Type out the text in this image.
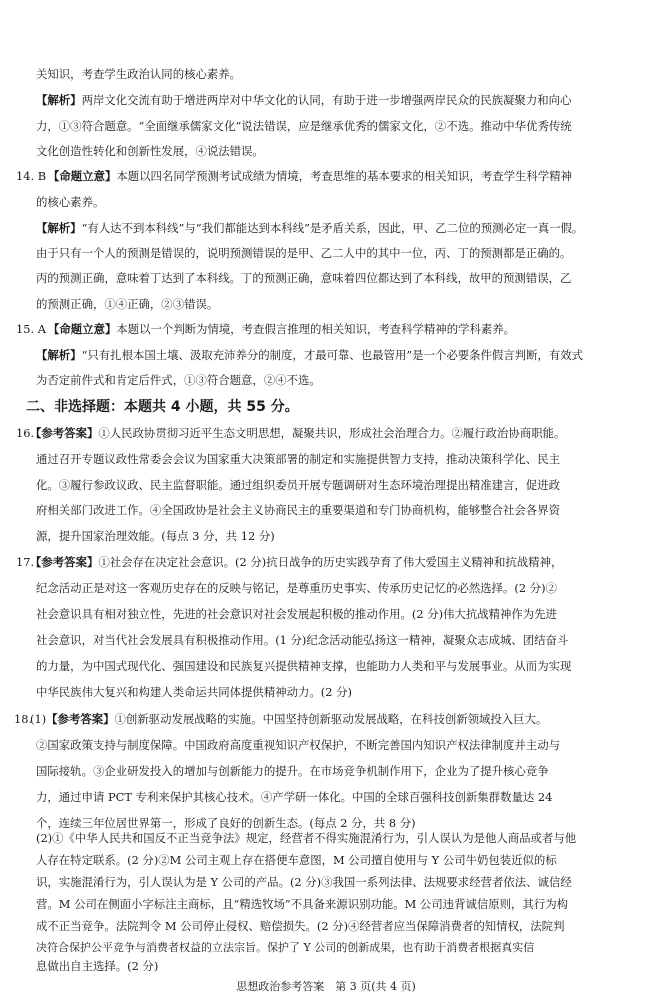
关知识，考查学生政治认同的核心素养。
【解析】两岸文化交流有助于增进两岸对中华文化的认同，有助于进一步增强两岸民众的民族凝聚力和向心
力，①③符合题意。“全面继承儒家文化”说法错误，应是继承优秀的儒家文化，②不选。推动中华优秀传统
文化创造性转化和创新性发展，④说法错误。
14. B 【命题立意】本题以四名同学预测考试成绩为情境，考查思维的基本要求的相关知识，考查学生科学精神
的核心素养。
【解析】“有人达不到本科线”与“我们都能达到本科线”是矛盾关系，因此，甲、乙二位的预测必定一真一假。
由于只有一个人的预测是错误的，说明预测错误的是甲、乙二人中的其中一位，丙、丁的预测都是正确的。
丙的预测正确，意味着丁达到了本科线。丁的预测正确，意味着四位都达到了本科线，故甲的预测错误，乙
的预测正确，①④正确，②③错误。
15. A 【命题立意】本题以一个判断为情境，考查假言推理的相关知识，考查科学精神的学科素养。
【解析】“只有扎根本国土壤、汲取充沛养分的制度，才最可靠、也最管用”是一个必要条件假言判断，有效式
为否定前件式和肯定后件式，①③符合题意，②④不选。
二、非选择题：本题共 4 小题，共 55 分。
16.
【参考答案】①人民政协贯彻习近平生态文明思想，凝聚共识，形成社会治理合力。②履行政治协商职能。
通过召开专题议政性常委会会议为国家重大决策部署的制定和实施提供智力支持，推动决策科学化、民主
化。③履行参政议政、民主监督职能。通过组织委员开展专题调研对生态环境治理提出精准建言，促进政
府相关部门改进工作。④全国政协是社会主义协商民主的重要渠道和专门协商机构，能够整合社会各界资
源，提升国家治理效能。(每点 3 分，共 12 分)
17.
【参考答案】①社会存在决定社会意识。(2 分)抗日战争的历史实践孕育了伟大爱国主义精神和抗战精神，
纪念活动正是对这一客观历史存在的反映与铭记，是尊重历史事实、传承历史记忆的必然选择。(2 分)②
社会意识具有相对独立性，先进的社会意识对社会发展起积极的推动作用。(2 分)伟大抗战精神作为先进
社会意识，对当代社会发展具有积极推动作用。(1 分)纪念活动能弘扬这一精神，凝聚众志成城、团结奋斗
的力量，为中国式现代化、强国建设和民族复兴提供精神支撑，也能助力人类和平与发展事业。从而为实现
中华民族伟大复兴和构建人类命运共同体提供精神动力。(2 分)
18.
(1)【参考答案】①创新驱动发展战略的实施。中国坚持创新驱动发展战略，在科技创新领域投入巨大。
②国家政策支持与制度保障。中国政府高度重视知识产权保护，不断完善国内知识产权法律制度并主动与
国际接轨。③企业研发投入的增加与创新能力的提升。在市场竞争机制作用下，企业为了提升核心竞争
力，通过申请 PCT 专利来保护其核心技术。④产学研一体化。中国的全球百强科技创新集群数量达 24
个，连续三年位居世界第一，形成了良好的创新生态。(每点 2 分，共 8 分)
(2)①《中华人民共和国反不正当竞争法》规定，经营者不得实施混淆行为，引人误认为是他人商品或者与他
人存在特定联系。(2 分)②M 公司主观上存在搭便车意图，M 公司擅自使用与 Y 公司牛奶包装近似的标
识，实施混淆行为，引人误认为是 Y 公司的产品。(2 分)③我国一系列法律、法规要求经营者依法、诚信经
营。M 公司在侧面小字标注主商标，且“精选牧场”不具备来源识别功能。M 公司违背诚信原则，其行为构
成不正当竞争。法院判令 M 公司停止侵权、赔偿损失。(2 分)④经营者应当保障消费者的知情权，法院判
决符合保护公平竞争与消费者权益的立法宗旨。保护了 Y 公司的创新成果，也有助于消费者根据真实信
思想政治参考答案　第 3 页(共 4 页)
息做出自主选择。(2 分)
